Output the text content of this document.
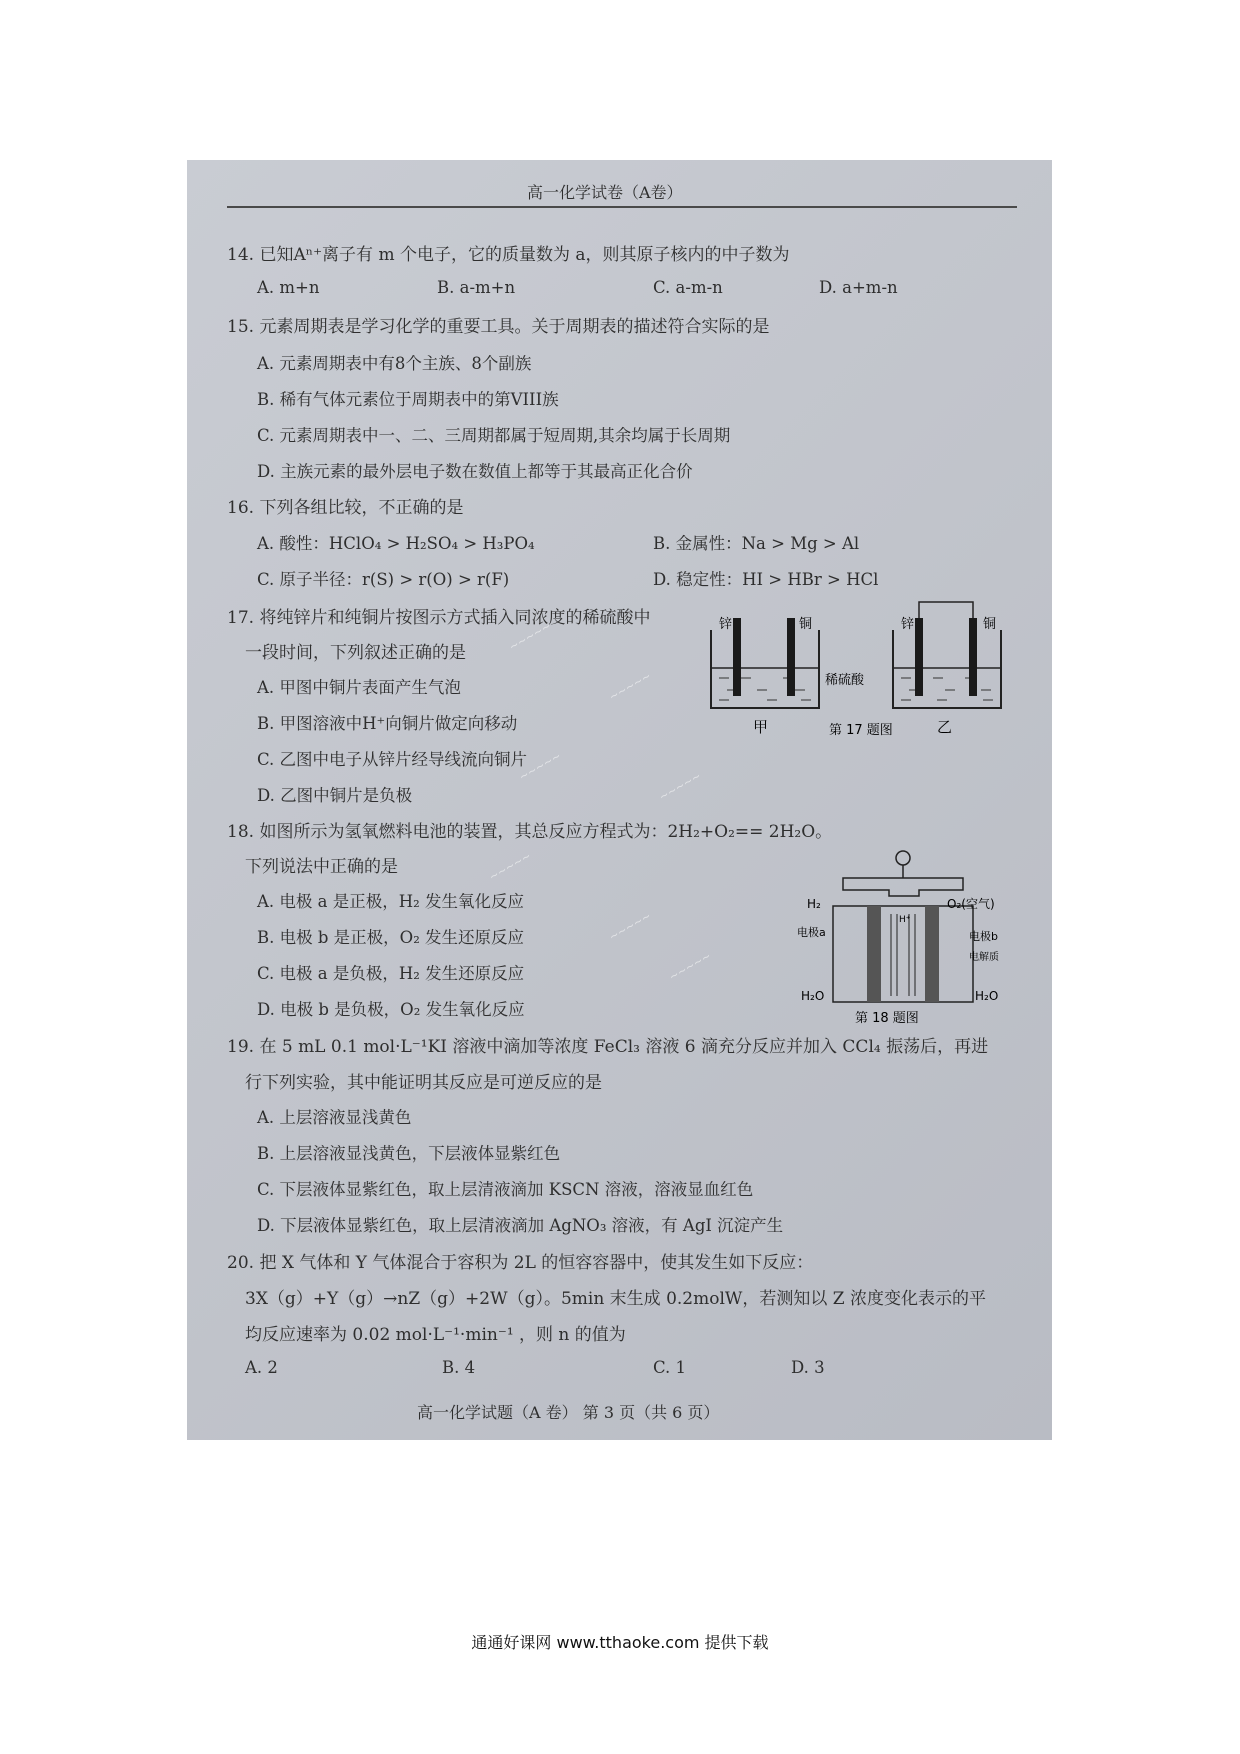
高一化学试卷（A卷）
14. 已知Aⁿ⁺离子有 m 个电子，它的质量数为 a，则其原子核内的中子数为
A. m+n	B. a-m+n	C. a-m-n	D. a+m-n
15. 元素周期表是学习化学的重要工具。关于周期表的描述符合实际的是
A. 元素周期表中有8个主族、8个副族
B. 稀有气体元素位于周期表中的第VIII族
C. 元素周期表中一、二、三周期都属于短周期,其余均属于长周期
D. 主族元素的最外层电子数在数值上都等于其最高正化合价
16. 下列各组比较，不正确的是
A. 酸性：HClO₄ > H₂SO₄ > H₃PO₄	B. 金属性：Na > Mg > Al
C. 原子半径：r(S) > r(O) > r(F)	D. 稳定性：HI > HBr > HCl
17. 将纯锌片和纯铜片按图示方式插入同浓度的稀硫酸中
一段时间，下列叙述正确的是
A. 甲图中铜片表面产生气泡
B. 甲图溶液中H⁺向铜片做定向移动
C. 乙图中电子从锌片经导线流向铜片
D. 乙图中铜片是负极
锌	铜	锌	铜
稀硫酸
甲	第 17 题图	乙
18. 如图所示为氢氧燃料电池的装置，其总反应方程式为：2H₂+O₂== 2H₂O。
下列说法中正确的是
A. 电极 a 是正极，H₂ 发生氧化反应
B. 电极 b 是正极，O₂ 发生还原反应
C. 电极 a 是负极，H₂ 发生还原反应
D. 电极 b 是负极，O₂ 发生氧化反应
H⁺
H₂	O₂(空气)
电极a	电极b
电解质
H₂O	H₂O
第 18 题图
19. 在 5 mL 0.1 mol·L⁻¹KI 溶液中滴加等浓度 FeCl₃ 溶液 6 滴充分反应并加入 CCl₄ 振荡后，再进
行下列实验，其中能证明其反应是可逆反应的是
A. 上层溶液显浅黄色
B. 上层溶液显浅黄色，下层液体显紫红色
C. 下层液体显紫红色，取上层清液滴加 KSCN 溶液，溶液显血红色
D. 下层液体显紫红色，取上层清液滴加 AgNO₃ 溶液，有 AgI 沉淀产生
20. 把 X 气体和 Y 气体混合于容积为 2L 的恒容容器中，使其发生如下反应：
3X（g）+Y（g）→nZ（g）+2W（g）。5min 末生成 0.2molW，若测知以 Z 浓度变化表示的平
均反应速率为 0.02 mol·L⁻¹·min⁻¹ ，则 n 的值为
A. 2	B. 4	C. 1	D. 3
高一化学试题（A 卷） 第 3 页（共 6 页）
~~~~~
~~~~~
~~~~~
~~~~~
~~~~~
~~~~~
~~~~~
通通好课网 www.tthaoke.com 提供下载
